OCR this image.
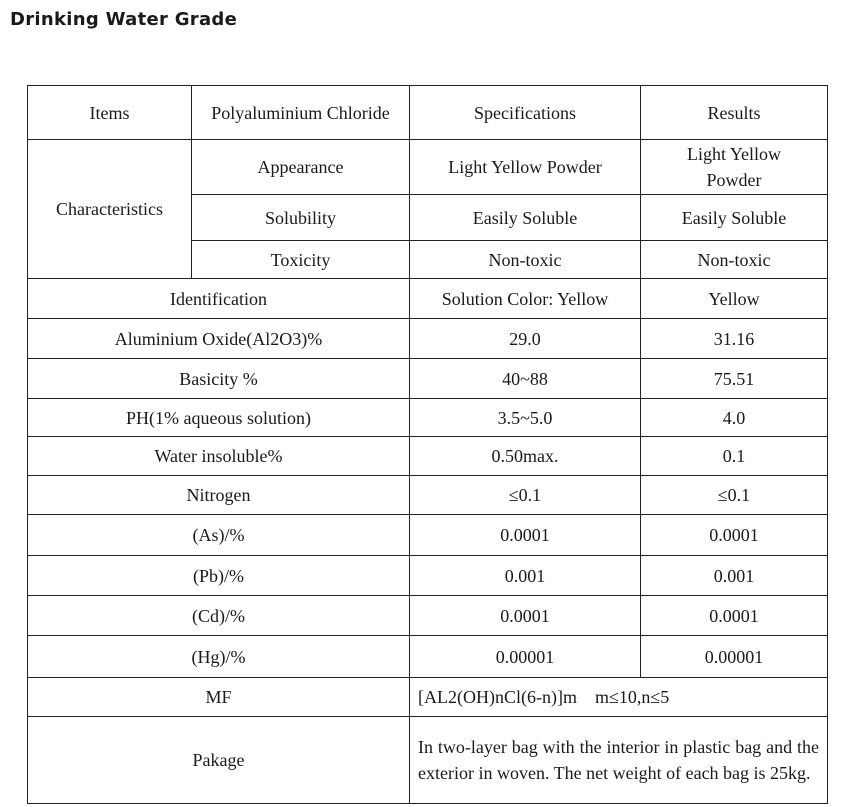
Drinking Water Grade
Items	Polyaluminium Chloride	Specifications	Results
Characteristics	Appearance	Light Yellow Powder	Light Yellow Powder
	Solubility	Easily Soluble	Easily Soluble
	Toxicity	Non-toxic	Non-toxic
Identification		Solution Color: Yellow	Yellow
Aluminium Oxide(Al2O3)%		29.0	31.16
Basicity %		40~88	75.51
PH(1% aqueous solution)		3.5~5.0	4.0
Water insoluble%		0.50max.	0.1
Nitrogen		≤0.1	≤0.1
(As)/%		0.0001	0.0001
(Pb)/%		0.001	0.001
(Cd)/%		0.0001	0.0001
(Hg)/%		0.00001	0.00001
MF		[AL2(OH)nCl(6-n)]m m≤10,n≤5	
Pakage		In two-layer bag with the interior in plastic bag and the exterior in woven. The net weight of each bag is 25kg.	
